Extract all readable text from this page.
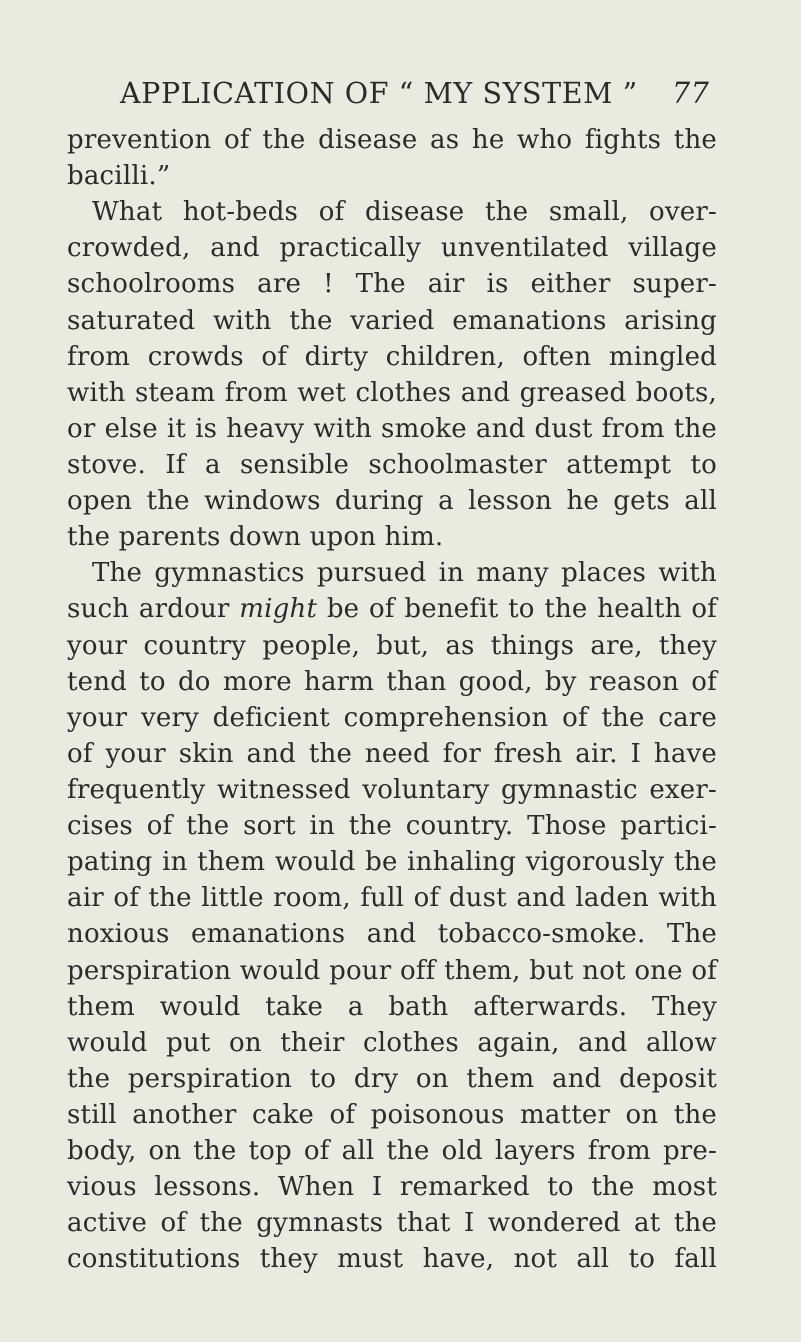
APPLICATION OF “ MY SYSTEM ” 77
prevention of the disease as he who fights the
bacilli.”
What hot-beds of disease the small, over-
crowded, and practically unventilated village
schoolrooms are ! The air is either super-
saturated with the varied emanations arising
from crowds of dirty children, often mingled
with steam from wet clothes and greased boots,
or else it is heavy with smoke and dust from the
stove. If a sensible schoolmaster attempt to
open the windows during a lesson he gets all
the parents down upon him.
The gymnastics pursued in many places with
such ardour might be of benefit to the health of
your country people, but, as things are, they
tend to do more harm than good, by reason of
your very deficient comprehension of the care
of your skin and the need for fresh air. I have
frequently witnessed voluntary gymnastic exer-
cises of the sort in the country. Those partici-
pating in them would be inhaling vigorously the
air of the little room, full of dust and laden with
noxious emanations and tobacco-smoke. The
perspiration would pour off them, but not one of
them would take a bath afterwards. They
would put on their clothes again, and allow
the perspiration to dry on them and deposit
still another cake of poisonous matter on the
body, on the top of all the old layers from pre-
vious lessons. When I remarked to the most
active of the gymnasts that I wondered at the
constitutions they must have, not all to fall
